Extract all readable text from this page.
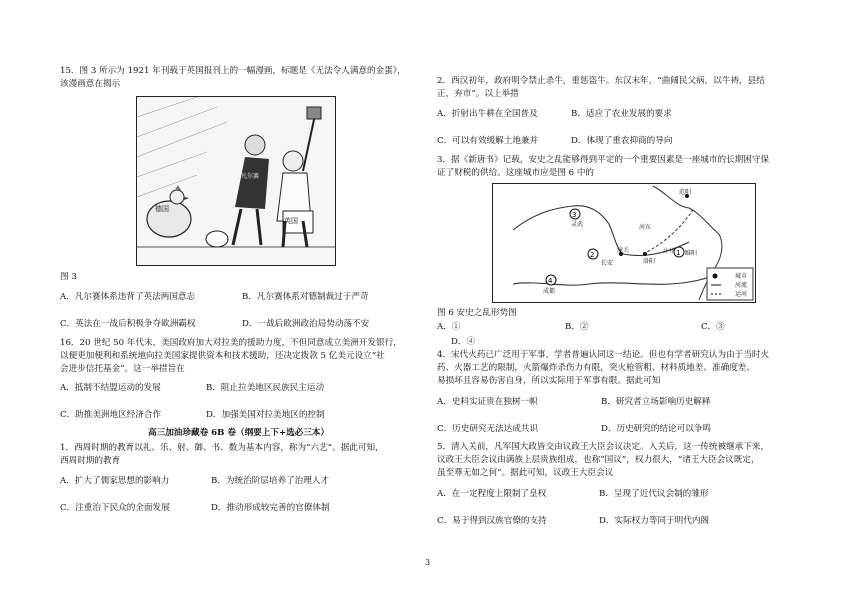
15．图 3 所示为 1921 年刊载于英国报刊上的一幅漫画，标题是《无法令人满意的金蛋》，
该漫画意在揭示
德国
英国
凡尔赛
图 3
A．凡尔赛体系违背了英法两国意志	B．凡尔赛体系对德制裁过于严苛
C．英法在一战后积极争夺欧洲霸权	D．一战后欧洲政治局势动荡不安
16．20 世纪 50 年代末，美国政府加大对拉美的援助力度，不但同意成立美洲开发银行，
以便更加便利和系统地向拉美国家提供资本和技术援助，还决定拨款 5 亿美元设立“社
会进步信托基金”。这一举措旨在
A．抵制不结盟运动的发展	B．阻止拉美地区民族民主运动
C．助推美洲地区经济合作	D．加强美国对拉美地区的控制
高三加油珍藏卷 6B 卷（纲要上下+选必三本）
1．西周时期的教育以礼、乐、射、御、书、数为基本内容，称为“六艺”。据此可知，
西周时期的教育
A．扩大了儒家思想的影响力	B．为统治阶层培养了治理人才
C．注重治下民众的全面发展	D．推动形成较完善的官僚体制
2．西汉初年，政府明令禁止杀牛，重惩盗牛。东汉末年，“曲阔民父病，以牛祷，县结
正，弃市”。以上举措
A．折射出牛耕在全国普及	B．适应了农业发展的要求
C．可以有效缓解土地兼并	D．体现了重农抑商的导向
3．据《新唐书》记载，安史之乱能够得到平定的一个重要因素是一座城市的长期困守保
证了财税的供给。这座城市应是图 6 中的
3
2	1
4
范阳
灵武
长安	洛阳
成都
河东
汴州 睢阳
潼关
城市
河流
运河
图 6 安史之乱形势图
A．①	B．②	C．③
D．④
4．宋代火药已广泛用于军事，学者普遍认同这一结论。但也有学者研究认为由于当时火
药、火器工艺的限制，火箭爆炸杀伤力有限，突火枪管粗、材料质地差、准确度差、
易损坏且容易伤害自身，所以实际用于军事有限。据此可知
A．史料实证贵在独树一帜	B．研究者立场影响历史解释
C．历史研究无法达成共识	D．历史研究的结论可以争鸣
5．清入关前，凡军国大政皆交由议政王大臣会议决定。入关后，这一传统被继承下来，
议政王大臣会议由满族上层贵族组成，也称“国议”，权力很大，“诸王大臣会议既定，
虽至尊无如之何”。据此可知，议政王大臣会议
A．在一定程度上限制了皇权	B．呈现了近代议会制的雏形
C．易于得到汉族官僚的支持	D．实际权力等同于明代内阁
3
